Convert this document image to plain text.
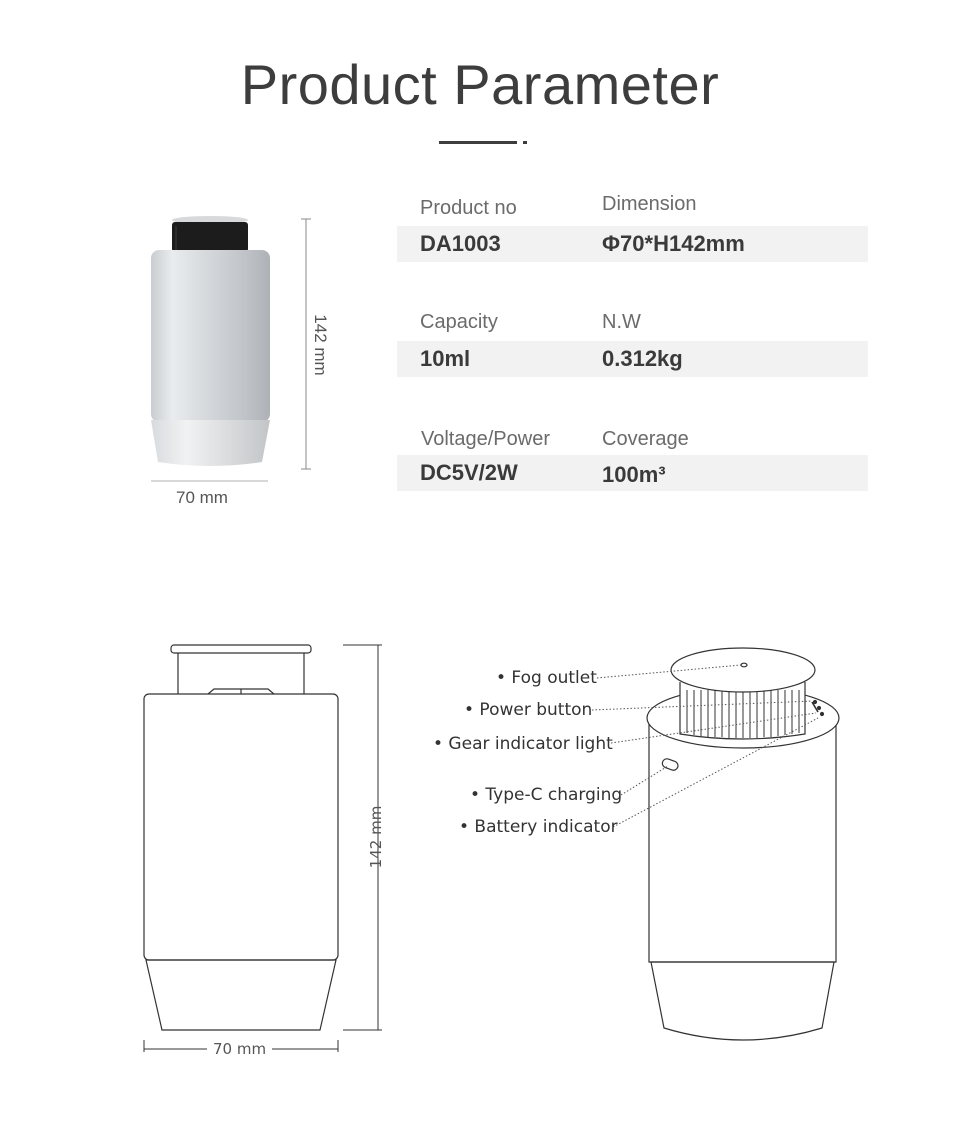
Product Parameter
Product no	Dimension
DA1003	Φ70*H142mm
Capacity	N.W
10ml	0.312kg
Voltage/Power	Coverage
DC5V/2W	100m³
142 mm
70 mm
142 mm
70 mm
• Fog outlet
• Power button
• Gear indicator light
• Type-C charging
• Battery indicator
